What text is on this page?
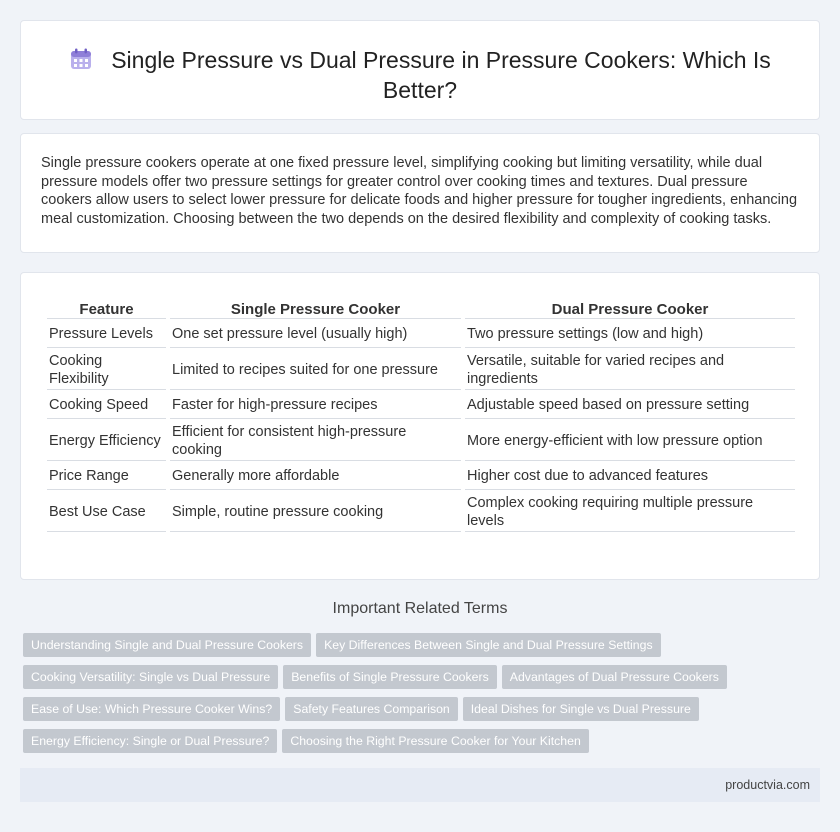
Single Pressure vs Dual Pressure in Pressure Cookers: Which Is Better?

Single pressure cookers operate at one fixed pressure level, simplifying cooking but limiting versatility, while dual pressure models offer two pressure settings for greater control over cooking times and textures. Dual pressure cookers allow users to select lower pressure for delicate foods and higher pressure for tougher ingredients, enhancing meal customization. Choosing between the two depends on the desired flexibility and complexity of cooking tasks.

Feature	Single Pressure Cooker	Dual Pressure Cooker
Pressure Levels	One set pressure level (usually high)	Two pressure settings (low and high)
Cooking Flexibility	Limited to recipes suited for one pressure	Versatile, suitable for varied recipes and ingredients
Cooking Speed	Faster for high-pressure recipes	Adjustable speed based on pressure setting
Energy Efficiency	Efficient for consistent high-pressure cooking	More energy-efficient with low pressure option
Price Range	Generally more affordable	Higher cost due to advanced features
Best Use Case	Simple, routine pressure cooking	Complex cooking requiring multiple pressure levels
Important Related Terms
Understanding Single and Dual Pressure Cookers Key Differences Between Single and Dual Pressure Settings
Cooking Versatility: Single vs Dual Pressure Benefits of Single Pressure Cookers Advantages of Dual Pressure Cookers
Ease of Use: Which Pressure Cooker Wins? Safety Features Comparison Ideal Dishes for Single vs Dual Pressure
Energy Efficiency: Single or Dual Pressure? Choosing the Right Pressure Cooker for Your Kitchen
productvia.com
